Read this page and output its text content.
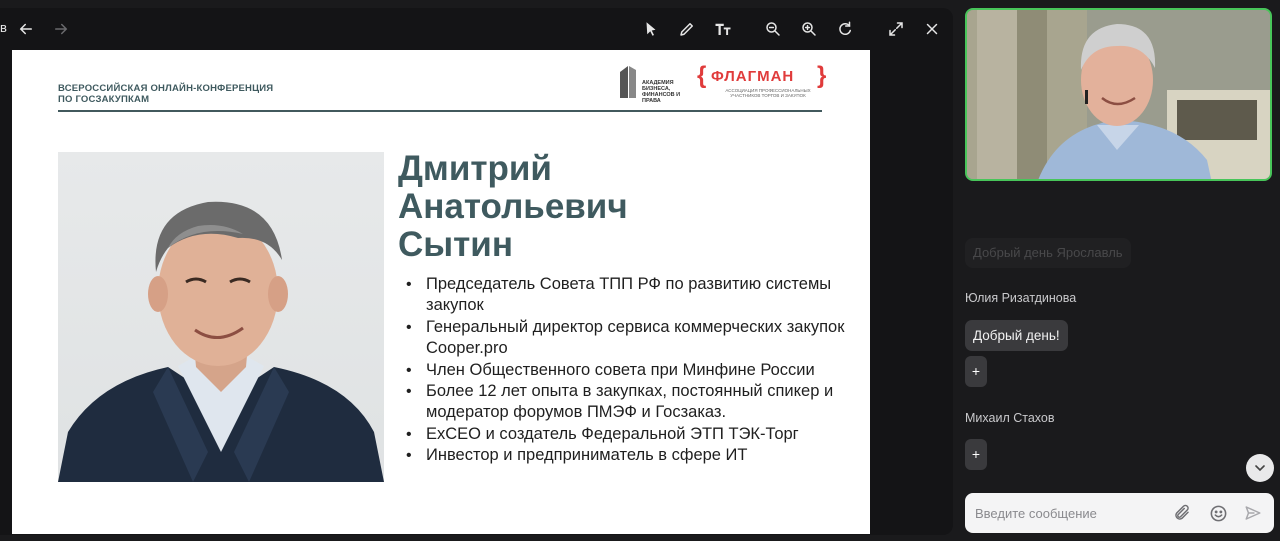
в
ВСЕРОССИЙСКАЯ ОНЛАЙН-КОНФЕРЕНЦИЯ ПО ГОСЗАКУПКАМ
АКАДЕМИЯ БИЗНЕСА, ФИНАНСОВ И ПРАВА
{ ФЛАГМАН }
АССОЦИАЦИЯ ПРОФЕССИОНАЛЬНЫХ УЧАСТНИКОВ ТОРГОВ И ЗАКУПОК
Дмитрий
Анатольевич
Сытин
• Председатель Совета ТПП РФ по развитию системы закупок
• Генеральный директор сервиса коммерческих закупок Cooper.pro
• Член Общественного совета при Минфине России
• Более 12 лет опыта в закупках, постоянный спикер и модератор форумов ПМЭФ и Госзаказ.
• ExCEO и создатель Федеральной ЭТП ТЭК-Торг
• Инвестор и предприниматель в сфере ИТ
Добрый день Ярославль
Юлия Ризатдинова
Добрый день!
+
Михаил Стахов
+
Введите сообщение
